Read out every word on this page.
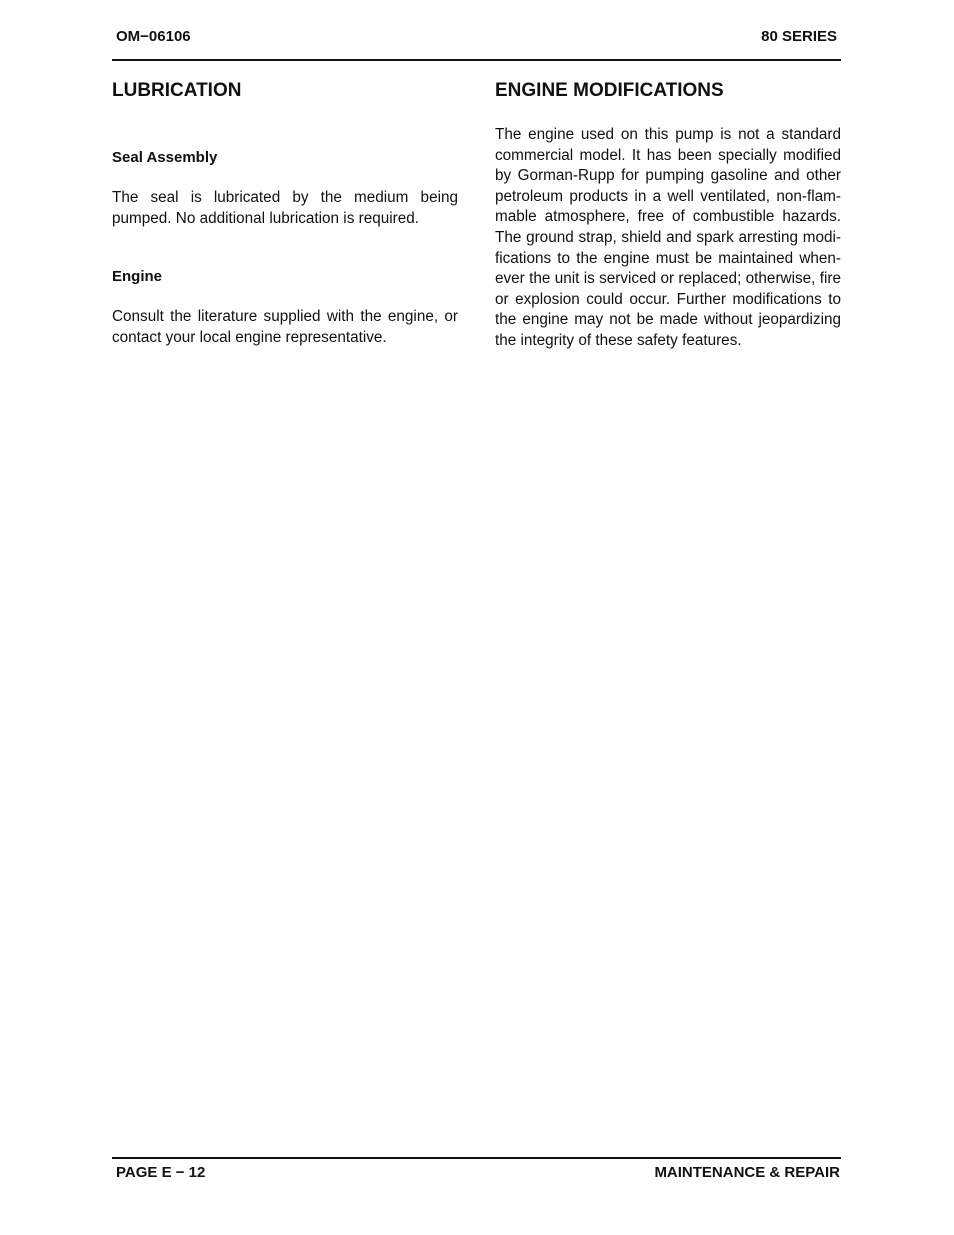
OM−06106	80 SERIES
LUBRICATION
Seal Assembly

The seal is lubricated by the medium being pumped. No additional lubrication is required.

Engine

Consult the literature supplied with the engine, or contact your local engine representative.

ENGINE MODIFICATIONS

The engine used on this pump is not a standard commercial model. It has been specially modified by Gorman-Rupp for pumping gasoline and other petroleum products in a well ventilated, non-flammable atmosphere, free of combustible hazards. The ground strap, shield and spark arresting modifications to the engine must be maintained whenever the unit is serviced or replaced; otherwise, fire or explosion could occur. Further modifications to the engine may not be made without jeopardizing the integrity of these safety features.

PAGE E − 12	MAINTENANCE & REPAIR
